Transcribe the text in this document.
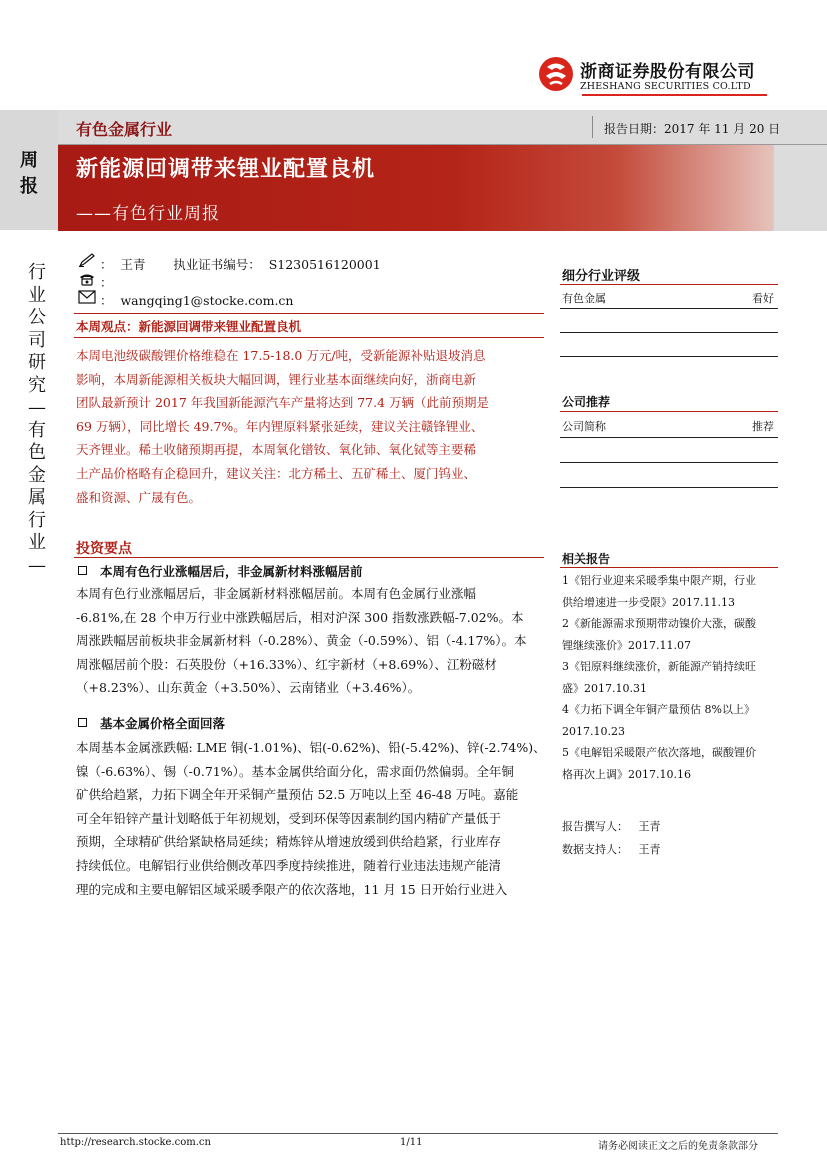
浙商证券股份有限公司
ZHESHANG SECURITIES CO.LTD
周报
有色金属行业	报告日期：2017 年 11 月 20 日
新能源回调带来锂业配置良机
——有色行业周报
行业公司研究—有色金属行业—
：  王青       执业证书编号：  S1230516120001
：
：  wangqing1@stocke.com.cn
本周观点：新能源回调带来锂业配置良机
本周电池级碳酸锂价格维稳在 17.5-18.0 万元/吨，受新能源补贴退坡消息
影响，本周新能源相关板块大幅回调，锂行业基本面继续向好，浙商电新
团队最新预计 2017 年我国新能源汽车产量将达到 77.4 万辆（此前预期是
69 万辆），同比增长 49.7%。年内锂原料紧张延续，建议关注赣锋锂业、
天齐锂业。稀土收储预期再提，本周氧化镨钕、氧化铈、氧化铽等主要稀
土产品价格略有企稳回升，建议关注：北方稀土、五矿稀土、厦门钨业、
盛和资源、广晟有色。
投资要点
本周有色行业涨幅居后，非金属新材料涨幅居前
本周有色行业涨幅居后，非金属新材料涨幅居前。本周有色金属行业涨幅
-6.81%,在 28 个申万行业中涨跌幅居后，相对沪深 300 指数涨跌幅-7.02%。本
周涨跌幅居前板块非金属新材料（-0.28%）、黄金（-0.59%）、铝（-4.17%）。本
周涨幅居前个股：石英股份（+16.33%）、红宇新材（+8.69%）、江粉磁材
（+8.23%）、山东黄金（+3.50%）、云南锗业（+3.46%）。
基本金属价格全面回落
本周基本金属涨跌幅: LME 铜(-1.01%)、铝(-0.62%)、铅(-5.42%)、锌(-2.74%)、
镍（-6.63%）、锡（-0.71%）。基本金属供给面分化，需求面仍然偏弱。全年铜
矿供给趋紧，力拓下调全年开采铜产量预估 52.5 万吨以上至 46-48 万吨。嘉能
可全年铅锌产量计划略低于年初规划，受到环保等因素制约国内精矿产量低于
预期，全球精矿供给紧缺格局延续；精炼锌从增速放缓到供给趋紧，行业库存
持续低位。电解铝行业供给侧改革四季度持续推进，随着行业违法违规产能清
理的完成和主要电解铝区域采暖季限产的依次落地，11 月 15 日开始行业进入
细分行业评级
有色金属	看好
公司推荐
公司简称	推荐
相关报告
1《铝行业迎来采暖季集中限产期，行业
供给增速进一步受限》2017.11.13
2《新能源需求预期带动镍价大涨，碳酸
锂继续涨价》2017.11.07
3《铝原料继续涨价，新能源产销持续旺
盛》2017.10.31
4《力拓下调全年铜产量预估 8%以上》
2017.10.23
5《电解铝采暖限产依次落地，碳酸锂价
格再次上调》2017.10.16
报告撰写人：   王青
数据支持人：   王青
http://research.stocke.com.cn	1/11	请务必阅读正文之后的免责条款部分
